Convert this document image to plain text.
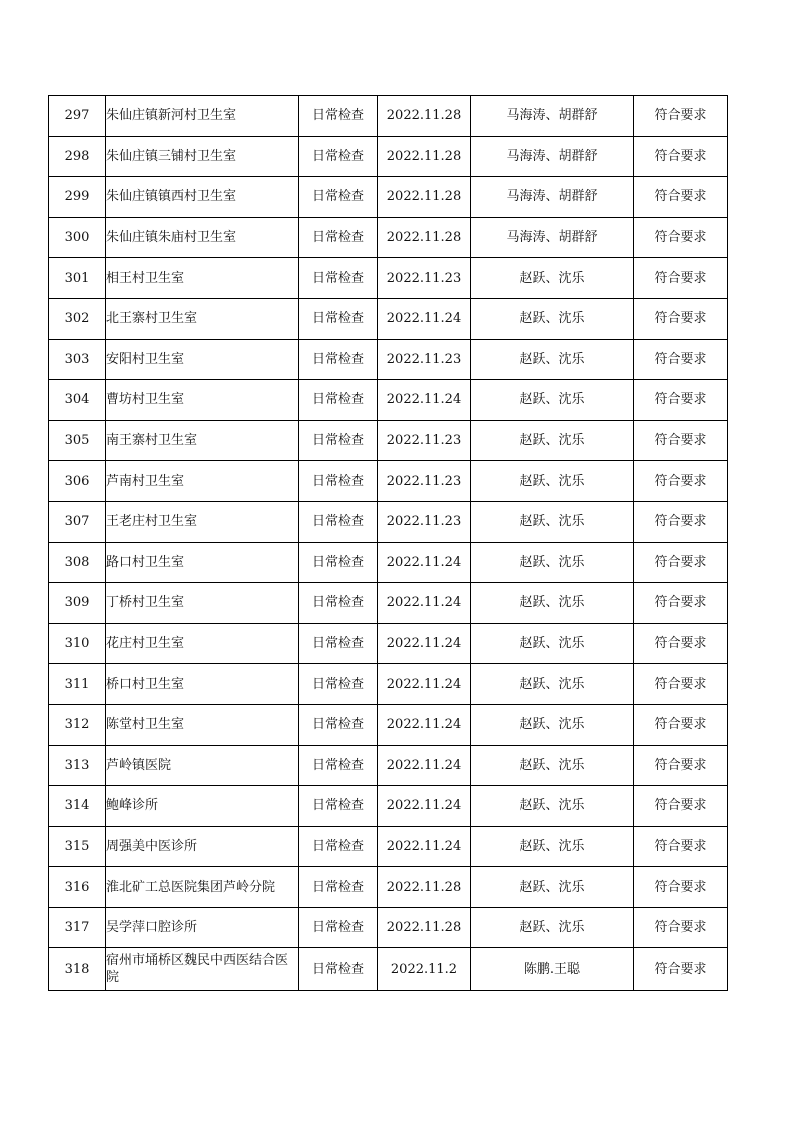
297	朱仙庄镇新河村卫生室	日常检查	2022.11.28	马海涛、胡群舒	符合要求
298	朱仙庄镇三铺村卫生室	日常检查	2022.11.28	马海涛、胡群舒	符合要求
299	朱仙庄镇镇西村卫生室	日常检查	2022.11.28	马海涛、胡群舒	符合要求
300	朱仙庄镇朱庙村卫生室	日常检查	2022.11.28	马海涛、胡群舒	符合要求
301	相王村卫生室	日常检查	2022.11.23	赵跃、沈乐	符合要求
302	北王寨村卫生室	日常检查	2022.11.24	赵跃、沈乐	符合要求
303	安阳村卫生室	日常检查	2022.11.23	赵跃、沈乐	符合要求
304	曹坊村卫生室	日常检查	2022.11.24	赵跃、沈乐	符合要求
305	南王寨村卫生室	日常检查	2022.11.23	赵跃、沈乐	符合要求
306	芦南村卫生室	日常检查	2022.11.23	赵跃、沈乐	符合要求
307	王老庄村卫生室	日常检查	2022.11.23	赵跃、沈乐	符合要求
308	路口村卫生室	日常检查	2022.11.24	赵跃、沈乐	符合要求
309	丁桥村卫生室	日常检查	2022.11.24	赵跃、沈乐	符合要求
310	花庄村卫生室	日常检查	2022.11.24	赵跃、沈乐	符合要求
311	桥口村卫生室	日常检查	2022.11.24	赵跃、沈乐	符合要求
312	陈堂村卫生室	日常检查	2022.11.24	赵跃、沈乐	符合要求
313	芦岭镇医院	日常检查	2022.11.24	赵跃、沈乐	符合要求
314	鲍峰诊所	日常检查	2022.11.24	赵跃、沈乐	符合要求
315	周强美中医诊所	日常检查	2022.11.24	赵跃、沈乐	符合要求
316	淮北矿工总医院集团芦岭分院	日常检查	2022.11.28	赵跃、沈乐	符合要求
317	吴学萍口腔诊所	日常检查	2022.11.28	赵跃、沈乐	符合要求
318	宿州市埇桥区魏民中西医结合医院	日常检查	2022.11.2	陈鹏.王聪	符合要求
